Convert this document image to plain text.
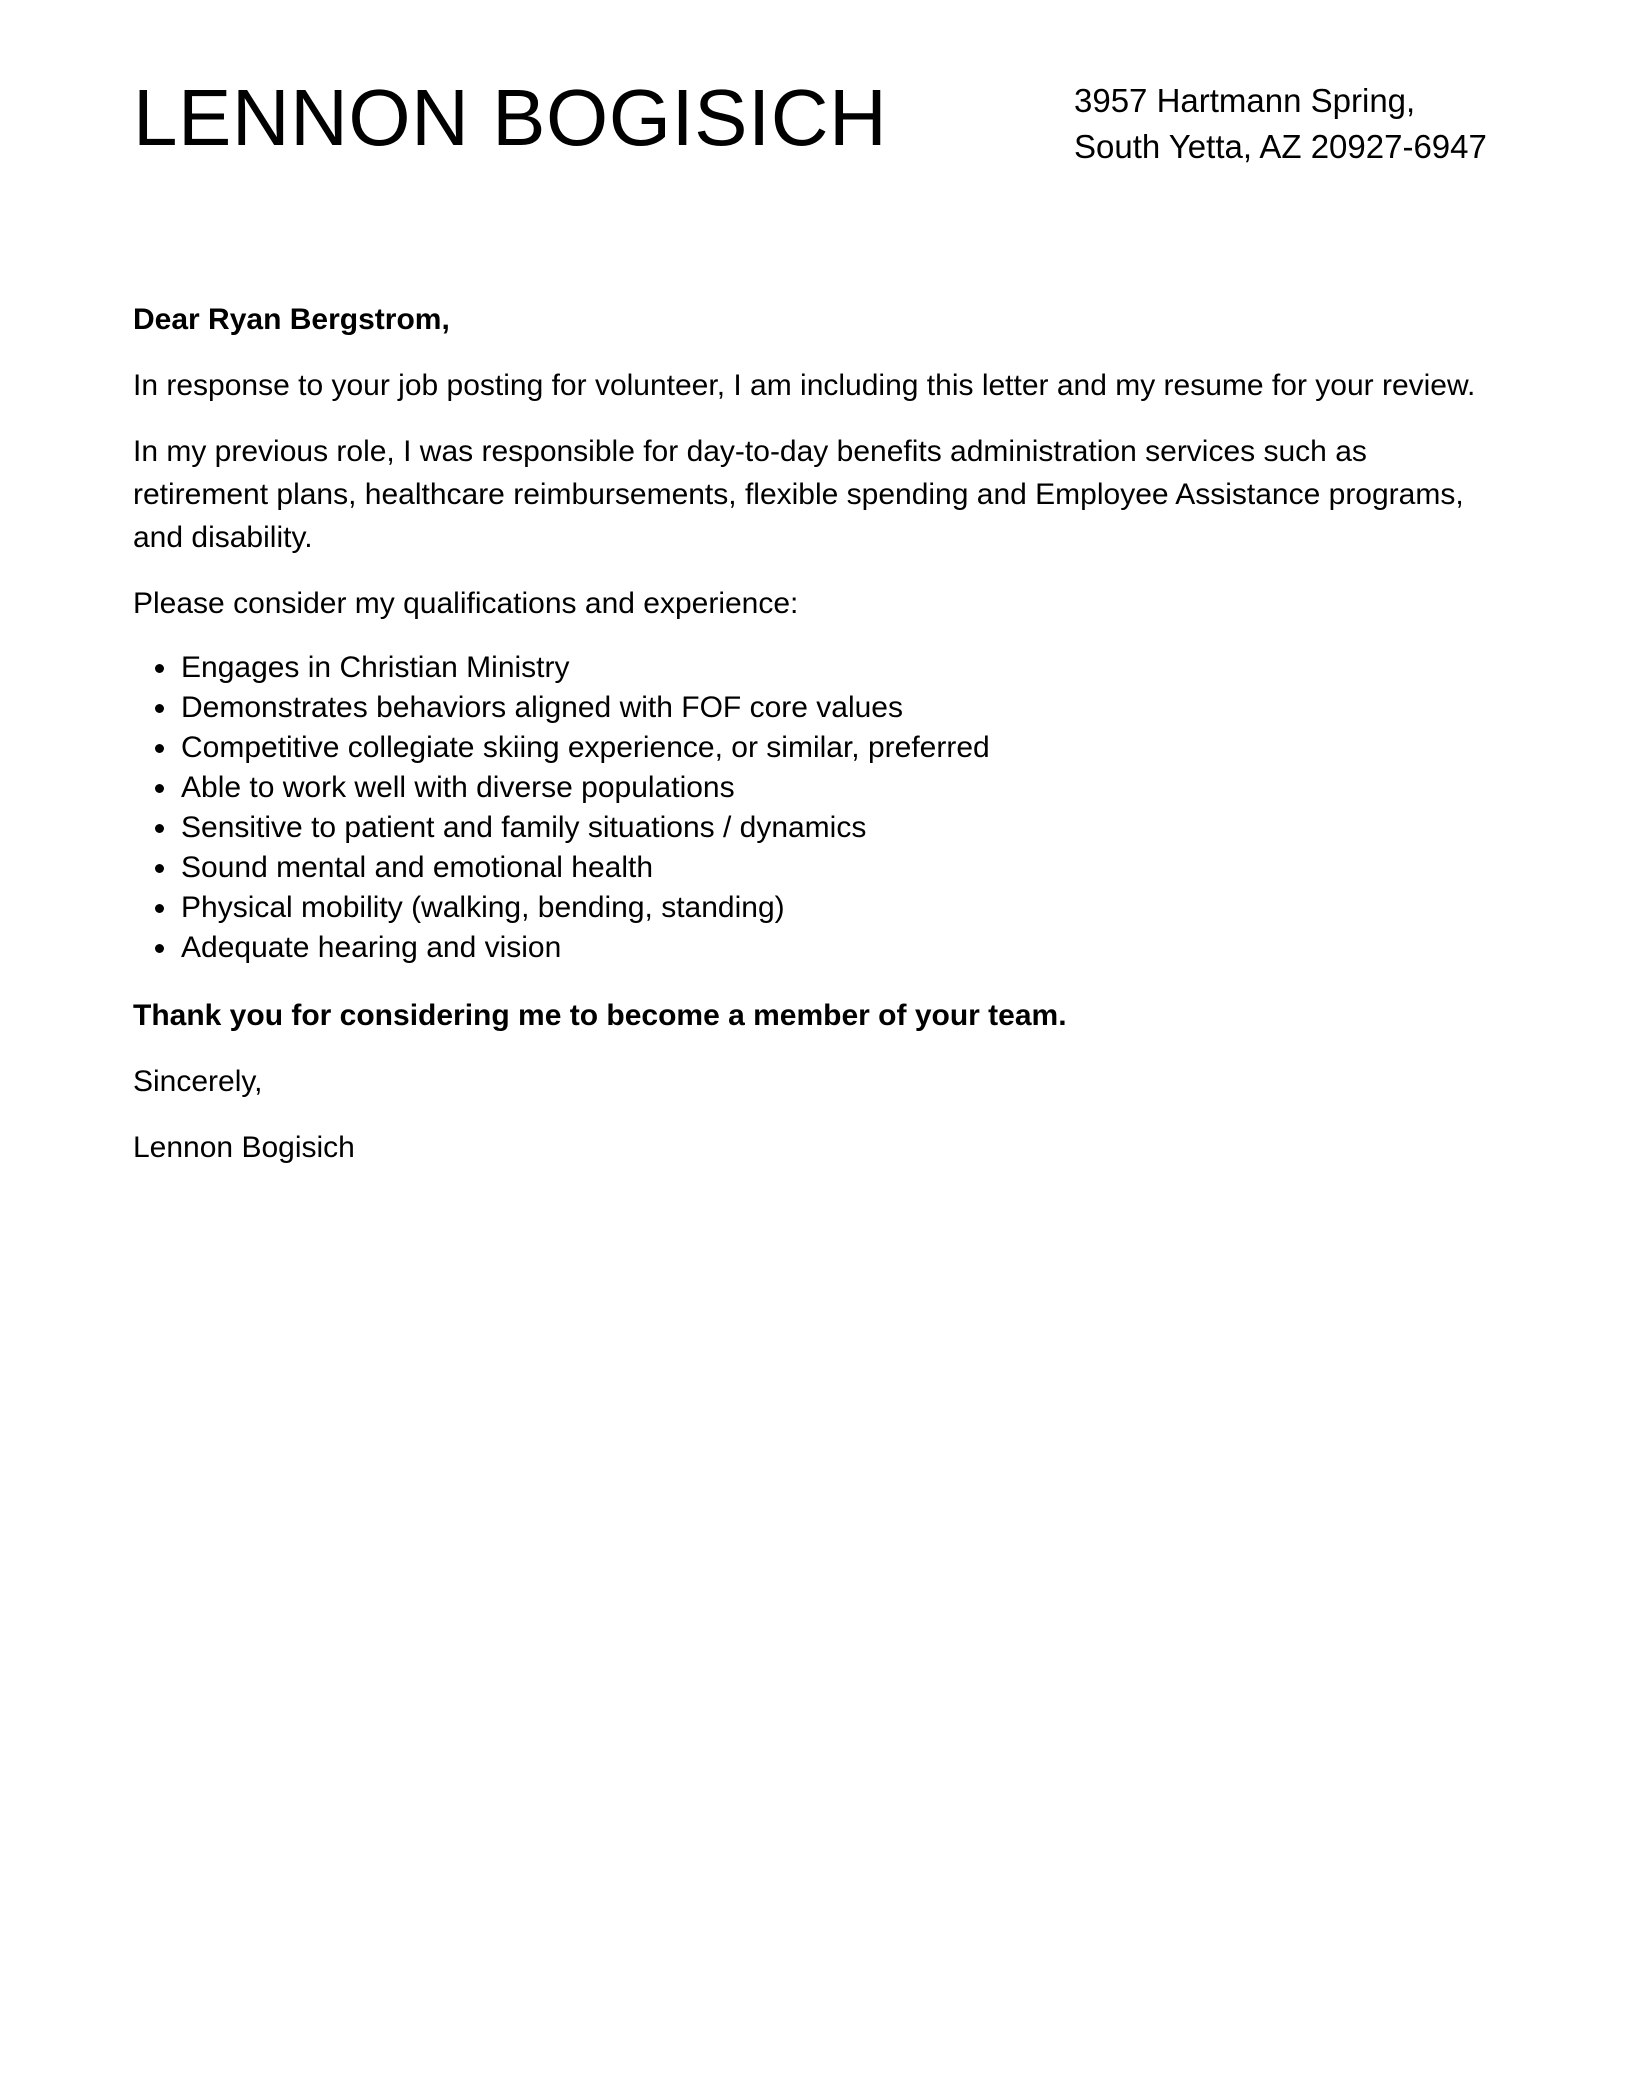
LENNON BOGISICH	3957 Hartmann Spring,
South Yetta, AZ 20927-6947

Dear Ryan Bergstrom,

In response to your job posting for volunteer, I am including this letter and my resume for your review.

In my previous role, I was responsible for day-to-day benefits administration services such as retirement plans, healthcare reimbursements, flexible spending and Employee Assistance programs, and disability.

Please consider my qualifications and experience:

Engages in Christian Ministry
Demonstrates behaviors aligned with FOF core values
Competitive collegiate skiing experience, or similar, preferred
Able to work well with diverse populations
Sensitive to patient and family situations / dynamics
Sound mental and emotional health
Physical mobility (walking, bending, standing)
Adequate hearing and vision

Thank you for considering me to become a member of your team.

Sincerely,

Lennon Bogisich
